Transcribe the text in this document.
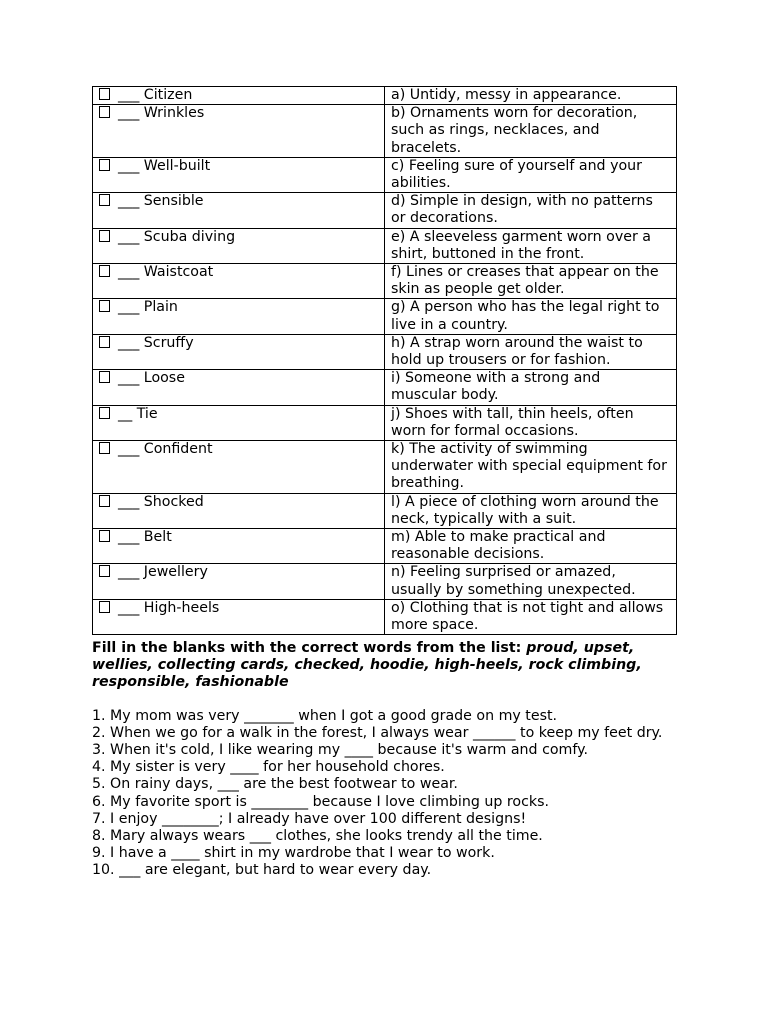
___ Citizen	a) Untidy, messy in appearance.
___ Wrinkles	b) Ornaments worn for decoration, such as rings, necklaces, and bracelets.
___ Well-built	c) Feeling sure of yourself and your abilities.
___ Sensible	d) Simple in design, with no patterns or decorations.
___ Scuba diving	e) A sleeveless garment worn over a shirt, buttoned in the front.
___ Waistcoat	f) Lines or creases that appear on the skin as people get older.
___ Plain	g) A person who has the legal right to live in a country.
___ Scruffy	h) A strap worn around the waist to hold up trousers or for fashion.
___ Loose	i) Someone with a strong and muscular body.
__ Tie	j) Shoes with tall, thin heels, often worn for formal occasions.
___ Confident	k) The activity of swimming underwater with special equipment for breathing.
___ Shocked	l) A piece of clothing worn around the neck, typically with a suit.
___ Belt	m) Able to make practical and reasonable decisions.
___ Jewellery	n) Feeling surprised or amazed, usually by something unexpected.
___ High-heels	o) Clothing that is not tight and allows more space.
Fill in the blanks with the correct words from the list: proud, upset, wellies, collecting cards, checked, hoodie, high-heels, rock climbing, responsible, fashionable
1. My mom was very _______ when I got a good grade on my test.
2. When we go for a walk in the forest, I always wear ______ to keep my feet dry.
3. When it's cold, I like wearing my ____ because it's warm and comfy.
4. My sister is very ____ for her household chores.
5. On rainy days, ___ are the best footwear to wear.
6. My favorite sport is ________ because I love climbing up rocks.
7. I enjoy ________; I already have over 100 different designs!
8. Mary always wears ___ clothes, she looks trendy all the time.
9. I have a ____ shirt in my wardrobe that I wear to work.
10. ___ are elegant, but hard to wear every day.
